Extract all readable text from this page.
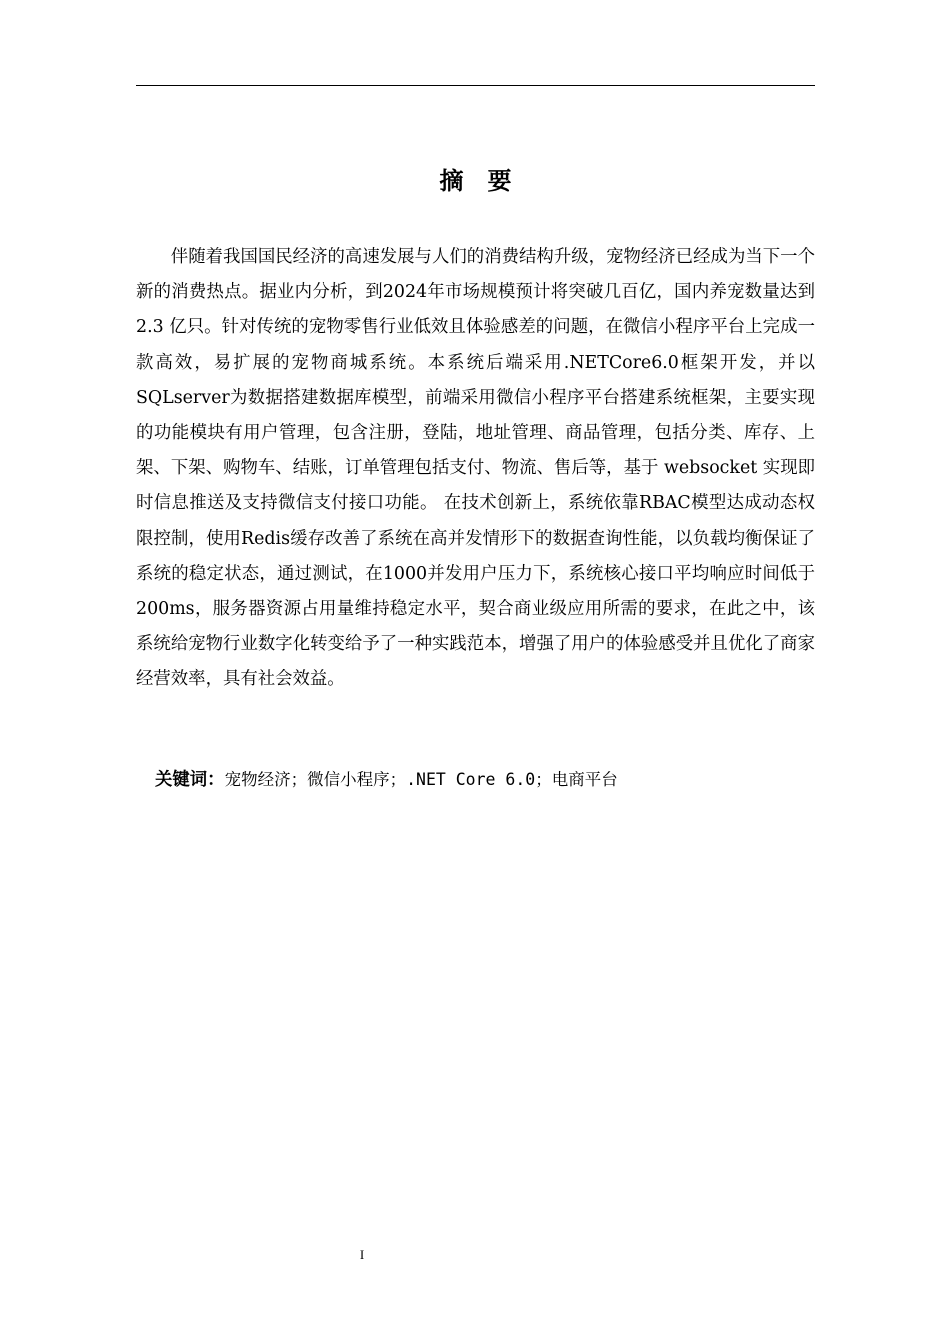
摘　要

伴随着我国国民经济的高速发展与人们的消费结构升级，宠物经济已经成为当下一个新的消费热点。据业内分析，到2024年市场规模预计将突破几百亿，国内养宠数量达到 2.3 亿只。针对传统的宠物零售行业低效且体验感差的问题，在微信小程序平台上完成一款高效，易扩展的宠物商城系统。本系统后端采用.NETCore6.0框架开发，并以SQLserver为数据搭建数据库模型，前端采用微信小程序平台搭建系统框架，主要实现的功能模块有用户管理，包含注册，登陆，地址管理、商品管理，包括分类、库存、上架、下架、购物车、结账，订单管理包括支付、物流、售后等，基于 websocket 实现即时信息推送及支持微信支付接口功能。 在技术创新上，系统依靠RBAC模型达成动态权限控制，使用Redis缓存改善了系统在高并发情形下的数据查询性能，以负载均衡保证了系统的稳定状态，通过测试，在1000并发用户压力下，系统核心接口平均响应时间低于200ms，服务器资源占用量维持稳定水平，契合商业级应用所需的要求，在此之中，该系统给宠物行业数字化转变给予了一种实践范本，增强了用户的体验感受并且优化了商家经营效率，具有社会效益。

关键词：宠物经济；微信小程序；.NET Core 6.0；电商平台
I
